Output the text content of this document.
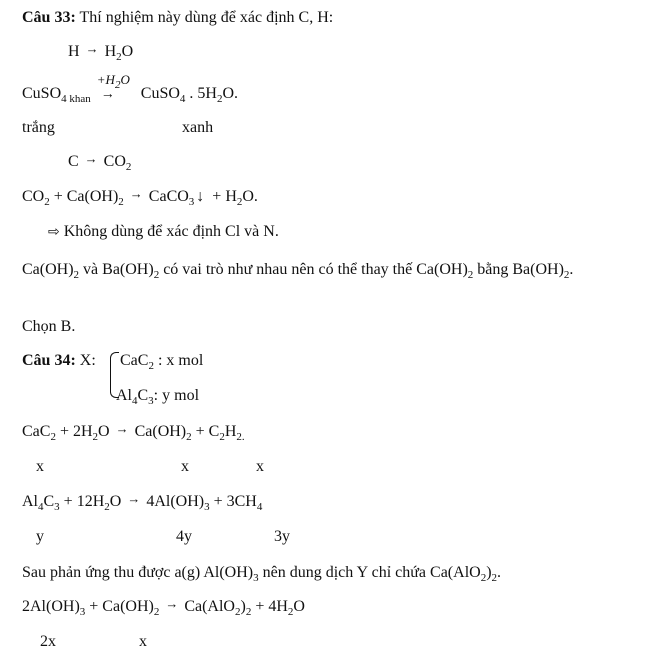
Câu 33: Thí nghiệm này dùng để xác định C, H:
$H \to H_2O$
CuSO$_{4 khan}$
$+H_2O$
→ CuSO$_4$ . $5H_2O$.
trắng	xanh
$C \to CO_2$
$CO_2 + Ca(OH)_2\to$ CaCO$_3$ ↓ + $H_2O$.
⇨ Không dùng để xác định Cl và N.
$Ca(OH)_2$ và $Ba(OH)_2$ có vai trò như nhau nên có thể thay thế $Ca(OH)_2$ bằng $Ba(OH)_2$.
Chọn B.
Câu 34: X: CaC$_2$ : x mol
$Al_4C_3$: y mol
$CaC_2 + 2H_2O \to Ca(OH)_2 + C_2H_{2.}$
x	x	x
$Al_4C_3 + 12H_2O \to 4Al(OH)_3 + 3CH_4$
y	4y	3y
Sau phản ứng thu được a(g) $Al(OH)_3$ nên dung dịch Y chỉ chứa $Ca(AlO_2)_2$.
$2Al(OH)_3 + Ca(OH)_2\to Ca(AlO_2)_2 + 4H_2O$
2x	x
